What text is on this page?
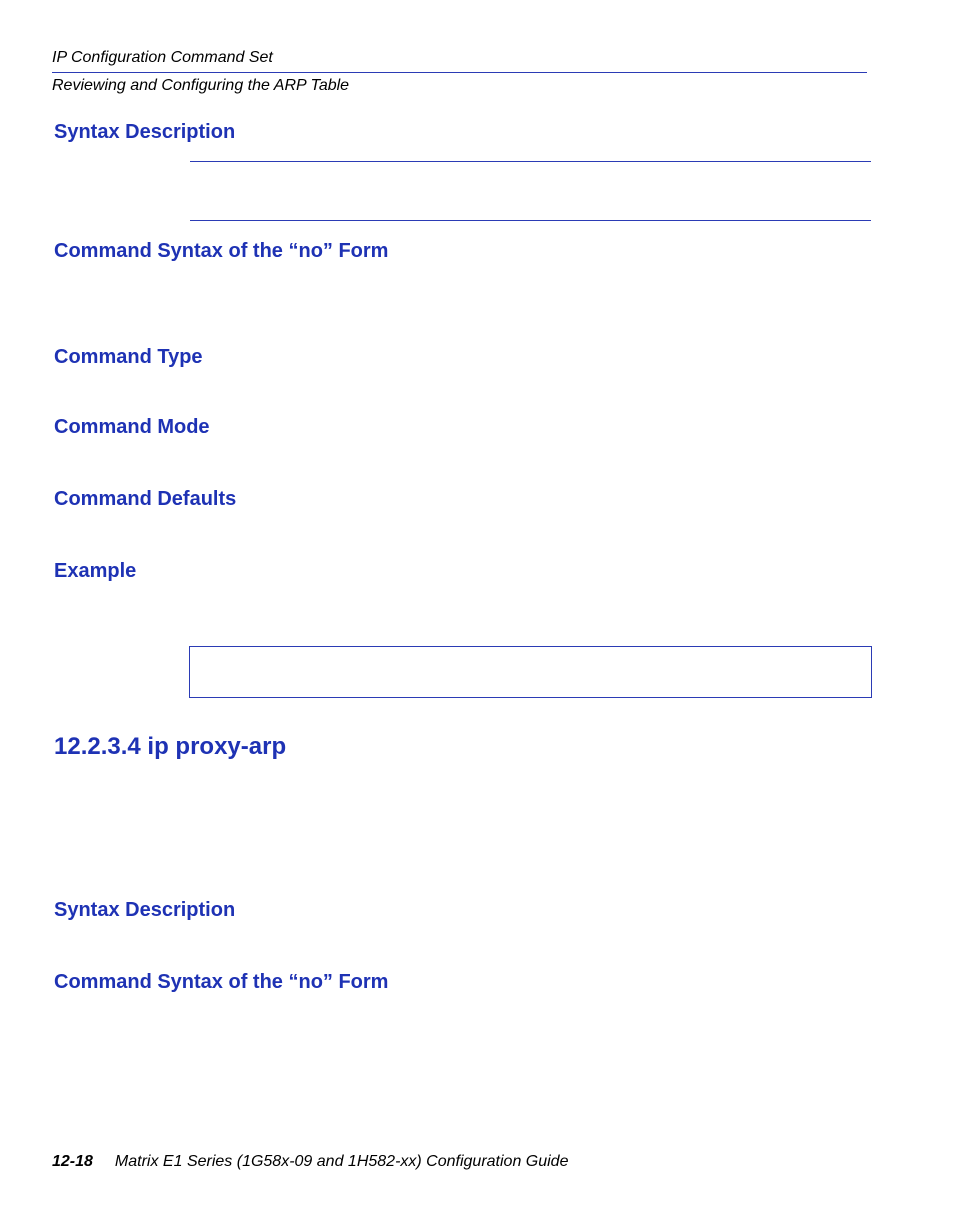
IP Configuration Command Set
Reviewing and Configuring the ARP Table
Syntax Description
Command Syntax of the “no” Form
Command Type
Command Mode
Command Defaults
Example
12.2.3.4 ip proxy-arp
Syntax Description
Command Syntax of the “no” Form
12-18 Matrix E1 Series (1G58x-09 and 1H582-xx) Configuration Guide
